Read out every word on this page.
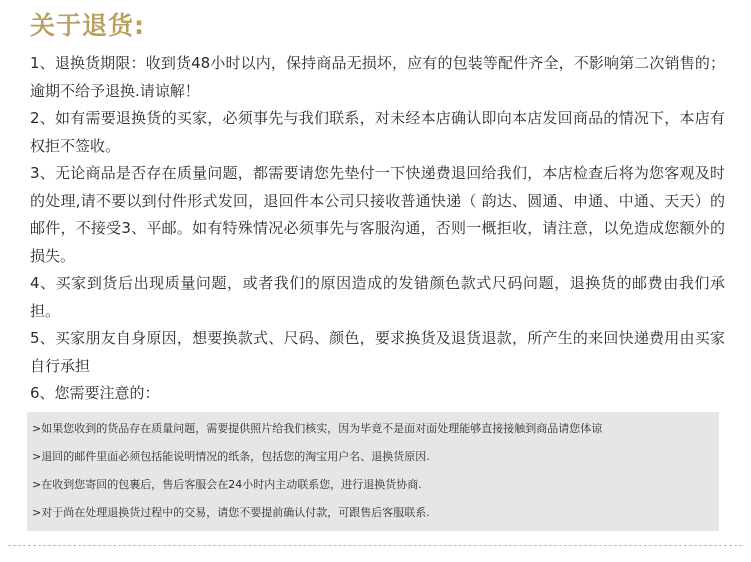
关于退货:

1、退换货期限：收到货48小时以内，保持商品无损坏，应有的包装等配件齐全，不影响第二次销售的；逾期不给予退换.请谅解！

2、如有需要退换货的买家，必须事先与我们联系，对未经本店确认即向本店发回商品的情况下，本店有权拒不签收。

3、无论商品是否存在质量问题，都需要请您先垫付一下快递费退回给我们，本店检查后将为您客观及时的处理,请不要以到付件形式发回，退回件本公司只接收普通快递（ 韵达、圆通、申通、中通、天天）的邮件，不接受3、平邮。如有特殊情况必须事先与客服沟通，否则一概拒收，请注意，以免造成您额外的损失。

4、买家到货后出现质量问题，或者我们的原因造成的发错颜色款式尺码问题，退换货的邮费由我们承担。

5、买家朋友自身原因，想要换款式、尺码、颜色，要求换货及退货退款，所产生的来回快递费用由买家自行承担

6、您需要注意的：

>如果您收到的货品存在质量问题，需要提供照片给我们核实，因为毕竟不是面对面处理能够直接接触到商品请您体谅
>退回的邮件里面必须包括能说明情况的纸条，包括您的淘宝用户名、退换货原因.
>在收到您寄回的包裹后，售后客服会在24小时内主动联系您，进行退换货协商.
>对于尚在处理退换货过程中的交易，请您不要提前确认付款，可跟售后客服联系.
